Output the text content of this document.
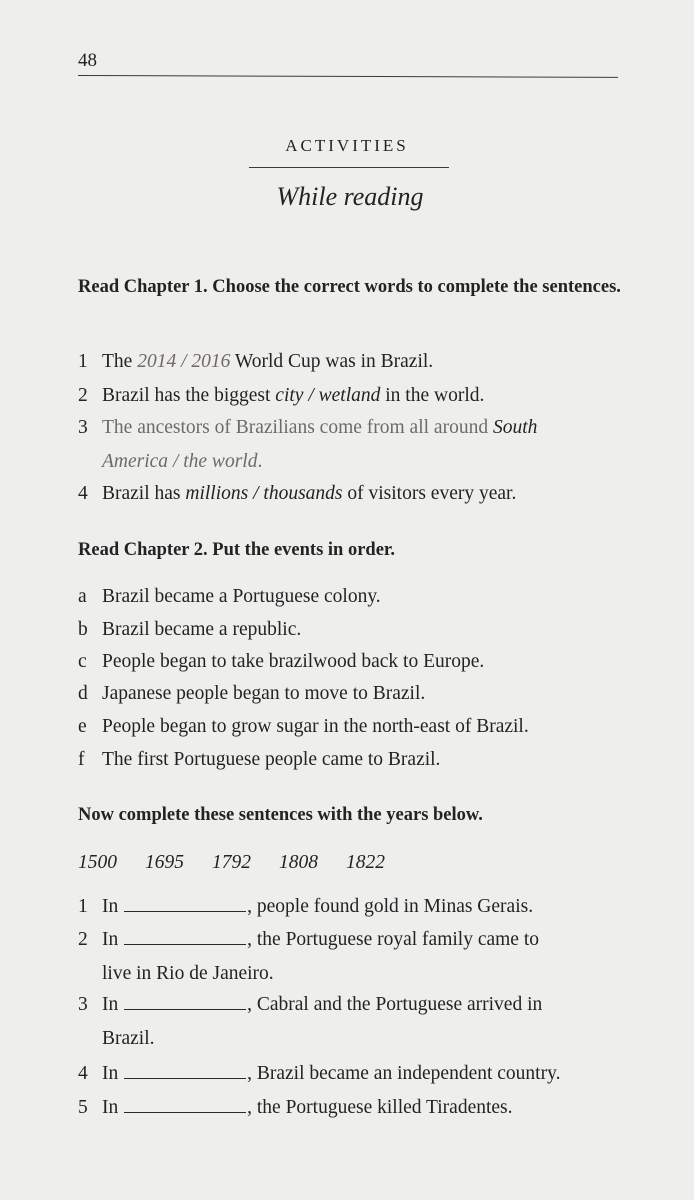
48
ACTIVITIES
While reading
Read Chapter 1. Choose the correct words to complete the sentences.
1 The 2014 / 2016 World Cup was in Brazil.
2 Brazil has the biggest city / wetland in the world.
3 The ancestors of Brazilians come from all around South
America / the world.
4 Brazil has millions / thousands of visitors every year.
Read Chapter 2. Put the events in order.
a Brazil became a Portuguese colony.
b Brazil became a republic.
c People began to take brazilwood back to Europe.
d Japanese people began to move to Brazil.
e People began to grow sugar in the north-east of Brazil.
f The first Portuguese people came to Brazil.
Now complete these sentences with the years below.
1500 1695 1792 1808 1822
1 In	, people found gold in Minas Gerais.
2 In	, the Portuguese royal family came to
live in Rio de Janeiro.
3 In	, Cabral and the Portuguese arrived in
Brazil.
4 In	, Brazil became an independent country.
5 In	, the Portuguese killed Tiradentes.
